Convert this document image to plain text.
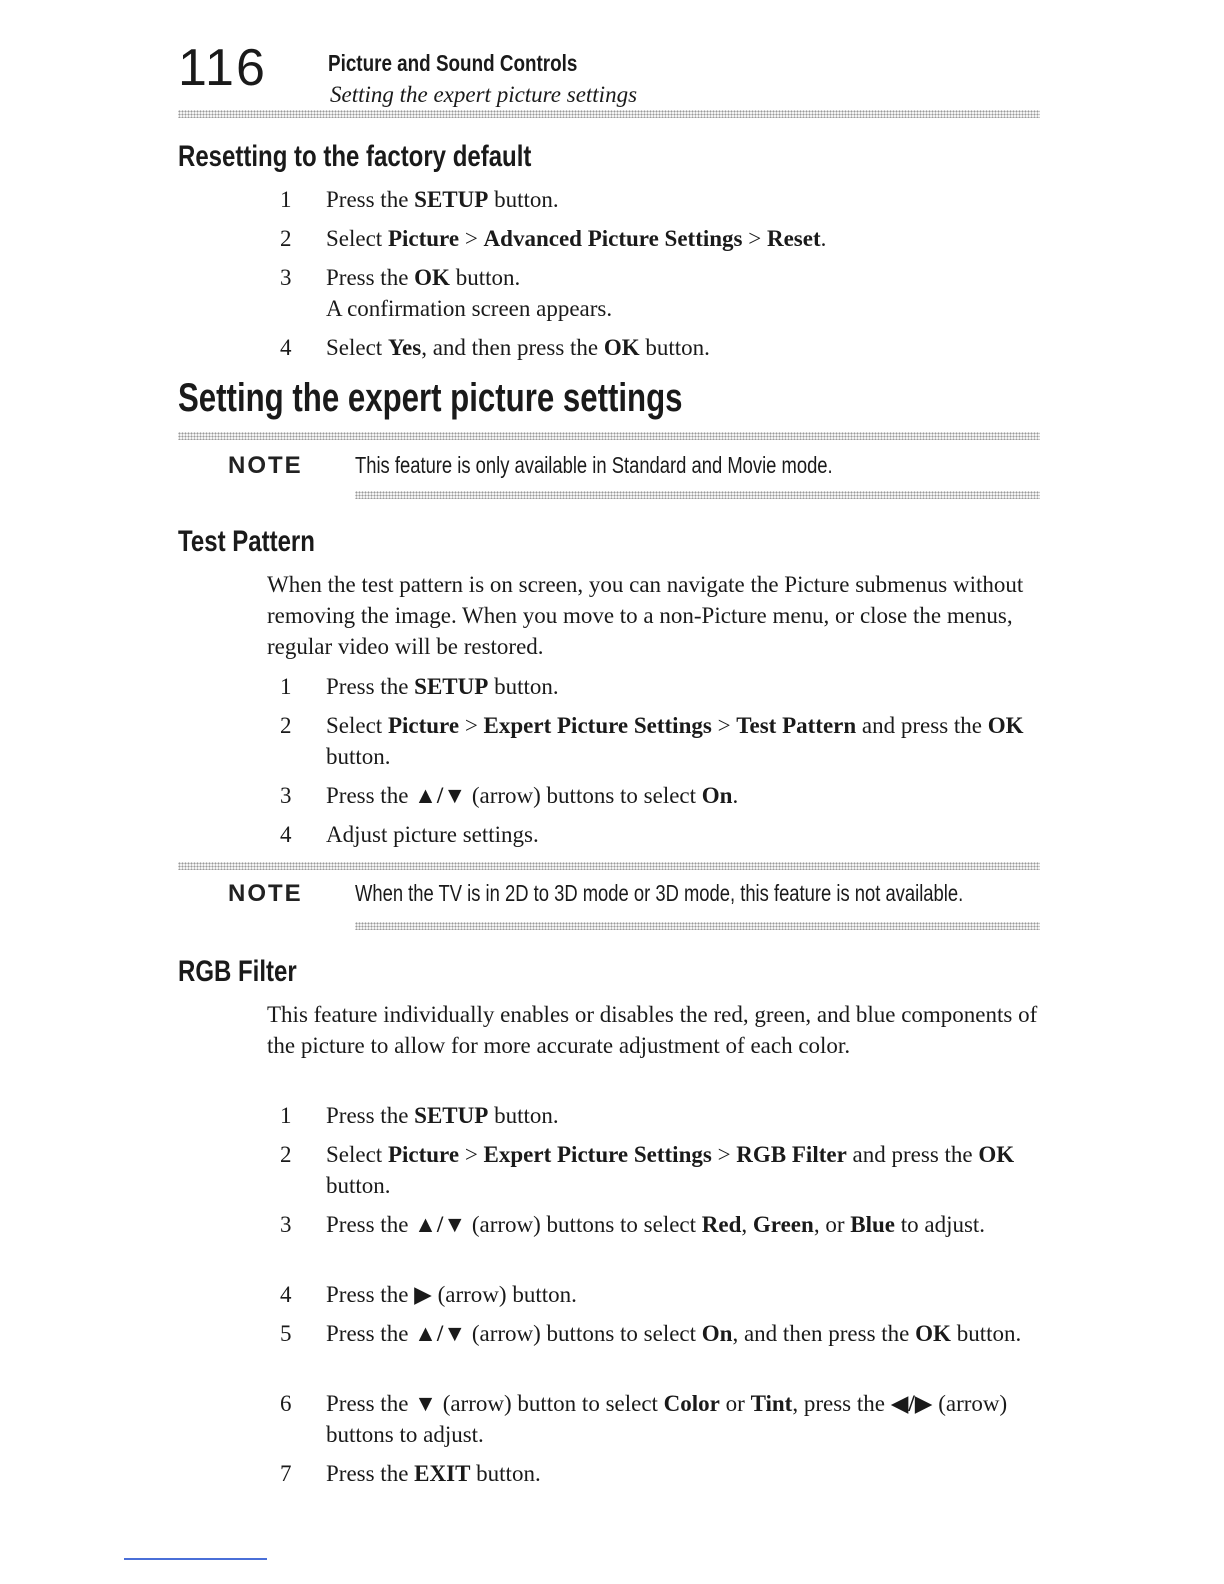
116	Picture and Sound Controls
Setting the expert picture settings
Resetting to the factory default
1 Press the SETUP button.
2 Select Picture > Advanced Picture Settings > Reset.
3 Press the OK button.
A confirmation screen appears.
4 Select Yes, and then press the OK button.
Setting the expert picture settings
NOTE This feature is only available in Standard and Movie mode.
Test Pattern
When the test pattern is on screen, you can navigate the Picture submenus without removing the image. When you move to a non-Picture menu, or close the menus, regular video will be restored.
1 Press the SETUP button.
2 Select Picture > Expert Picture Settings > Test Pattern and press the OK button.
3 Press the ▲/▼ (arrow) buttons to select On.
4 Adjust picture settings.
NOTE When the TV is in 2D to 3D mode or 3D mode, this feature is not available.
RGB Filter
This feature individually enables or disables the red, green, and blue components of the picture to allow for more accurate adjustment of each color.
1 Press the SETUP button.
2 Select Picture > Expert Picture Settings > RGB Filter and press the OK button.
3 Press the ▲/▼ (arrow) buttons to select Red, Green, or Blue to adjust.
4 Press the ▶ (arrow) button.
5 Press the ▲/▼ (arrow) buttons to select On, and then press the OK button.
6 Press the ▼ (arrow) button to select Color or Tint, press the ◀/▶ (arrow) buttons to adjust.
7 Press the EXIT button.
